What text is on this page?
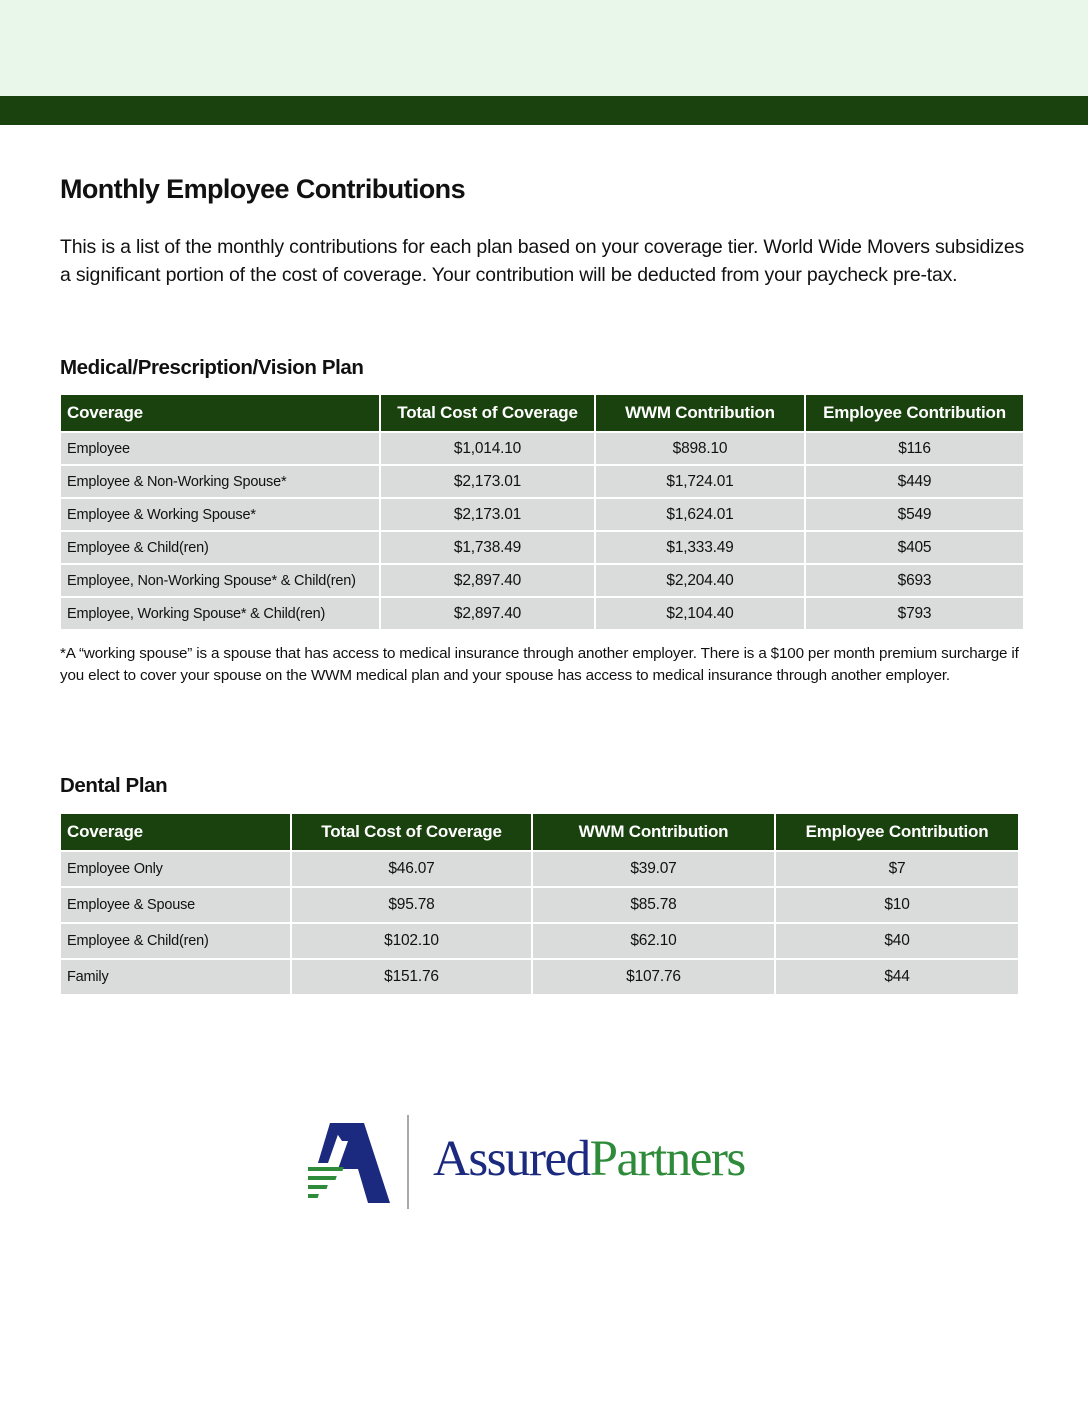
Monthly Employee Contributions

This is a list of the monthly contributions for each plan based on your coverage tier. World Wide Movers subsidizes a significant portion of the cost of coverage. Your contribution will be deducted from your paycheck pre-tax.

Medical/Prescription/Vision Plan
Coverage	Total Cost of Coverage	WWM Contribution	Employee Contribution
Employee	$1,014.10	$898.10	$116
Employee & Non-Working Spouse*	$2,173.01	$1,724.01	$449
Employee & Working Spouse*	$2,173.01	$1,624.01	$549
Employee & Child(ren)	$1,738.49	$1,333.49	$405
Employee, Non-Working Spouse* & Child(ren)	$2,897.40	$2,204.40	$693
Employee, Working Spouse* & Child(ren)	$2,897.40	$2,104.40	$793

*A “working spouse” is a spouse that has access to medical insurance through another employer. There is a $100 per month premium surcharge if you elect to cover your spouse on the WWM medical plan and your spouse has access to medical insurance through another employer.

Dental Plan
Coverage	Total Cost of Coverage	WWM Contribution	Employee Contribution
Employee Only	$46.07	$39.07	$7
Employee & Spouse	$95.78	$85.78	$10
Employee & Child(ren)	$102.10	$62.10	$40
Family	$151.76	$107.76	$44
AssuredPartners
